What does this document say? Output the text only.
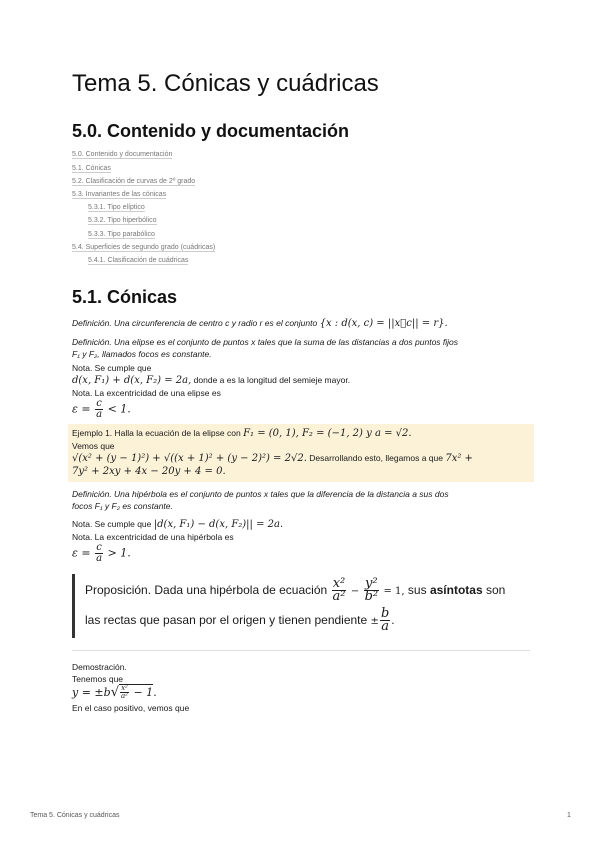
Tema 5. Cónicas y cuádricas
5.0. Contenido y documentación
5.0. Contenido y documentación
5.1. Cónicas
5.2. Clasificación de curvas de 2º grado
5.3. Invariantes de las cónicas
5.3.1. Tipo elíptico
5.3.2. Tipo hiperbólico
5.3.3. Tipo parabólico
5.4. Superficies de segundo grado (cuádricas)
5.4.1. Clasificación de cuádricas
5.1. Cónicas

Definición. Una circunferencia de centro c y radio r es el conjunto {x : d(x, c) = ||x⃗c|| = r}.

Definición. Una elipse es el conjunto de puntos x tales que la suma de las distancias a dos puntos fijos
F₁ y F₂, llamados focos es constante.

Nota. Se cumple que
d(x, F₁) + d(x, F₂) = 2a, donde a es la longitud del semieje mayor.

Nota. La excentricidad de una elipse es

$\varepsilon = \frac{c}{a} < 1$.

Ejemplo 1. Halla la ecuación de la elipse con F₁ = (0, 1), F₂ = (−1, 2) y a = √2.

Vemos que

√(x² + (y − 1)²) + √((x + 1)² + (y − 2)²) = 2√2. Desarrollando esto, llegamos a que 7x² +
7y² + 2xy + 4x − 20y + 4 = 0.

Definición. Una hipérbola es el conjunto de puntos x tales que la diferencia de la distancia a sus dos
focos F₁ y F₂ es constante.

Nota. Se cumple que |d(x, F₁) − d(x, F₂)|| = 2a.

Nota. La excentricidad de una hipérbola es

$\varepsilon = \frac{c}{a} > 1$.
Proposición. Dada una hipérbola de ecuación $\frac{\text{x²}}{\text{a²}} - \frac{\text{y²}}{\text{b²}} = 1$, sus asíntotas son
las rectas que pasan por el origen y tienen pendiente ± $\frac{b}{a}$ .

Demostración.

Tenemos que

$y = \pm b√ \frac{\text{x²}}{\text{a²}} - 1$.

En el caso positivo, vemos que

Tema 5. Cónicas y cuádricas	1
